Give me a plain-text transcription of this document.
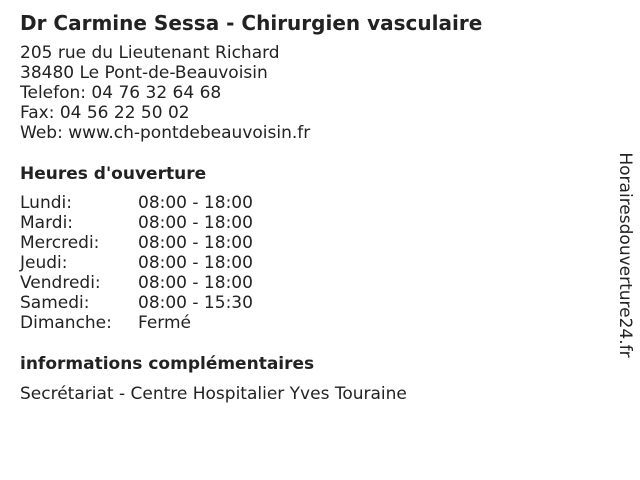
Dr Carmine Sessa - Chirurgien vasculaire
205 rue du Lieutenant Richard
38480 Le Pont-de-Beauvoisin
Telefon: 04 76 32 64 68
Fax: 04 56 22 50 02
Web: www.ch-pontdebeauvoisin.fr
Heures d'ouverture
Lundi:	08:00 - 18:00
Mardi:	08:00 - 18:00
Mercredi: 08:00 - 18:00
Jeudi:	08:00 - 18:00
Vendredi: 08:00 - 18:00
Samedi:	08:00 - 15:30
Dimanche: Fermé
informations complémentaires
Secrétariat - Centre Hospitalier Yves Touraine
Horairesdouverture24.fr
